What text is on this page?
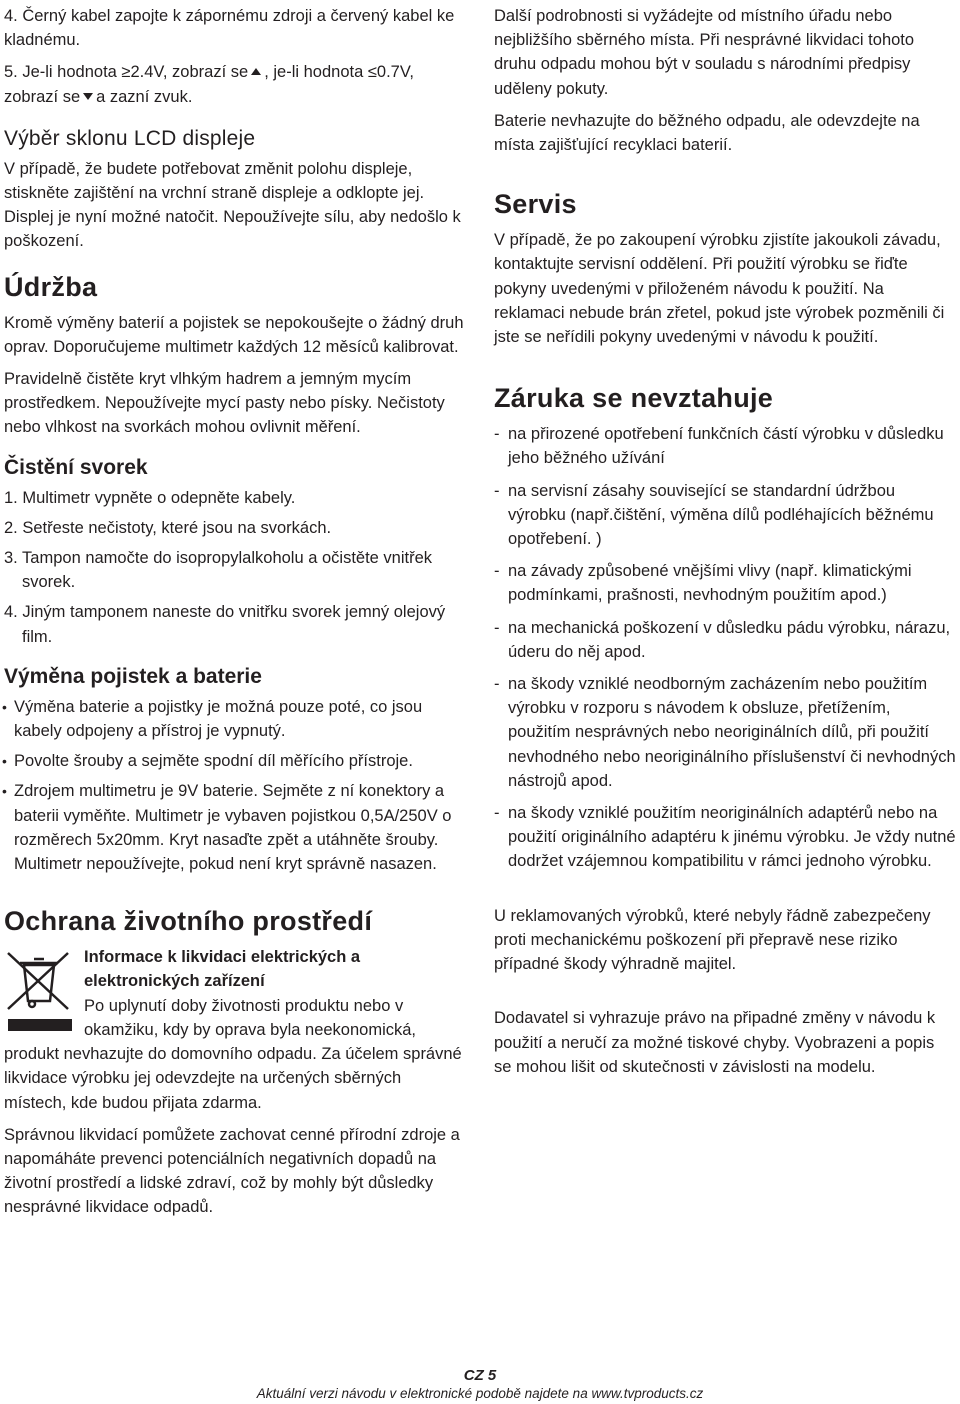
4. Černý kabel zapojte k zápornému zdroji a červený kabel ke kladnému.

5. Je-li hodnota ≥2.4V, zobrazí se , je-li hodnota ≤0.7V, zobrazí se a zazní zvuk.

Výběr sklonu LCD displeje

V případě, že budete potřebovat změnit polohu displeje, stiskněte zajištění na vrchní straně displeje a odklopte jej. Displej je nyní možné natočit. Nepoužívejte sílu, aby nedošlo k poškození.

Údržba

Kromě výměny baterií a pojistek se nepokoušejte o žádný druh oprav. Doporučujeme multimetr každých 12 měsíců kalibrovat.

Pravidelně čistěte kryt vlhkým hadrem a jemným mycím prostředkem. Nepoužívejte mycí pasty nebo písky. Nečistoty nebo vlhkost na svorkách mohou ovlivnit měření.

Čistění svorek

1. Multimetr vypněte o odepněte kabely.

2. Setřeste nečistoty, které jsou na svorkách.

3. Tampon namočte do isopropylalkoholu a očistěte vnitřek svorek.

4. Jiným tamponem naneste do vnitřku svorek jemný olejový film.

Výměna pojistek a baterie

• Výměna baterie a pojistky je možná pouze poté, co jsou kabely odpojeny a přístroj je vypnutý.

• Povolte šrouby a sejměte spodní díl měřícího přístroje.

• Zdrojem multimetru je 9V baterie. Sejměte z ní konektory a baterii vyměňte. Multimetr je vybaven pojistkou 0,5A/250V o rozměrech 5x20mm. Kryt nasaďte zpět a utáhněte šrouby. Multimetr nepoužívejte, pokud není kryt správně nasazen.

Ochrana životního prostředí

Informace k likvidaci elektrických a elektronických zařízení

Po uplynutí doby životnosti produktu nebo v okamžiku, kdy by oprava byla neekonomická, produkt nevhazujte do domovního odpadu. Za účelem správné likvidace výrobku jej odevzdejte na určených sběrných místech, kde budou přijata zdarma.

Správnou likvidací pomůžete zachovat cenné přírodní zdroje a napomáháte prevenci potenciálních negativních dopadů na životní prostředí a lidské zdraví, což by mohly být důsledky nesprávné likvidace odpadů.

Další podrobnosti si vyžádejte od místního úřadu nebo nejbližšího sběrného místa. Při nesprávné likvidaci tohoto druhu odpadu mohou být v souladu s národními předpisy uděleny pokuty.

Baterie nevhazujte do běžného odpadu, ale odevzdejte na místa zajišťující recyklaci baterií.

Servis

V případě, že po zakoupení výrobku zjistíte jakoukoli závadu, kontaktujte servisní oddělení. Při použití výrobku se řiďte pokyny uvedenými v přiloženém návodu k použití. Na reklamaci nebude brán zřetel, pokud jste výrobek pozměnili či jste se neřídili pokyny uvedenými v návodu k použití.

Záruka se nevztahuje

- na přirozené opotřebení funkčních částí výrobku v důsledku jeho běžného užívání

- na servisní zásahy související se standardní údržbou výrobku (např.čištění, výměna dílů podléhajících běžnému opotřebení. )

- na závady způsobené vnějšími vlivy (např. klimatickými podmínkami, prašnosti, nevhodným použitím apod.)

- na mechanická poškození v důsledku pádu výrobku, nárazu, úderu do něj apod.

- na škody vzniklé neodborným zacházením nebo použitím výrobku v rozporu s návodem k obsluze, přetížením, použitím nesprávných nebo neoriginálních dílů, při použití nevhodného nebo neoriginálního příslušenství či nevhodných nástrojů apod.

- na škody vzniklé použitím neoriginálních adaptérů nebo na použití originálního adaptéru k jinému výrobku. Je vždy nutné dodržet vzájemnou kompatibilitu v rámci jednoho výrobku.

U reklamovaných výrobků, které nebyly řádně zabezpečeny proti mechanickému poškození při přepravě nese riziko případné škody výhradně majitel.

Dodavatel si vyhrazuje právo na připadné změny v návodu k použití a neručí za možné tiskové chyby. Vyobrazeni a popis se mohou lišit od skutečnosti v závislosti na modelu.

CZ 5
Aktuální verzi návodu v elektronické podobě najdete na www.tvproducts.cz
